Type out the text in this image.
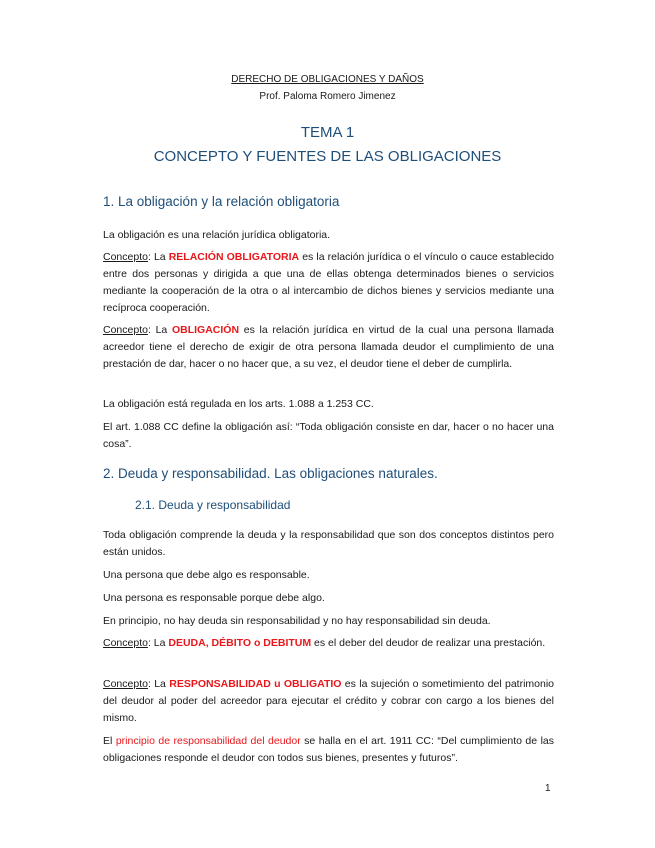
DERECHO DE OBLIGACIONES Y DAÑOS
Prof. Paloma Romero Jimenez
TEMA 1
CONCEPTO Y FUENTES DE LAS OBLIGACIONES
1. La obligación y la relación obligatoria
La obligación es una relación jurídica obligatoria.
Concepto: La RELACIÓN OBLIGATORIA es la relación jurídica o el vínculo o cauce establecido entre dos personas y dirigida a que una de ellas obtenga determinados bienes o servicios mediante la cooperación de la otra o al intercambio de dichos bienes y servicios mediante una recíproca cooperación.
Concepto: La OBLIGACIÓN es la relación jurídica en virtud de la cual una persona llamada acreedor tiene el derecho de exigir de otra persona llamada deudor el cumplimiento de una prestación de dar, hacer o no hacer que, a su vez, el deudor tiene el deber de cumplirla.
La obligación está regulada en los arts. 1.088 a 1.253 CC.
El art. 1.088 CC define la obligación así: “Toda obligación consiste en dar, hacer o no hacer una cosa”.
2. Deuda y responsabilidad. Las obligaciones naturales.
2.1. Deuda y responsabilidad
Toda obligación comprende la deuda y la responsabilidad que son dos conceptos distintos pero están unidos.
Una persona que debe algo es responsable.
Una persona es responsable porque debe algo.
En principio, no hay deuda sin responsabilidad y no hay responsabilidad sin deuda.
Concepto: La DEUDA, DÉBITO o DEBITUM es el deber del deudor de realizar una prestación.
Concepto: La RESPONSABILIDAD u OBLIGATIO es la sujeción o sometimiento del patrimonio del deudor al poder del acreedor para ejecutar el crédito y cobrar con cargo a los bienes del mismo.
El principio de responsabilidad del deudor se halla en el art. 1911 CC: “Del cumplimiento de las obligaciones responde el deudor con todos sus bienes, presentes y futuros”.
1
